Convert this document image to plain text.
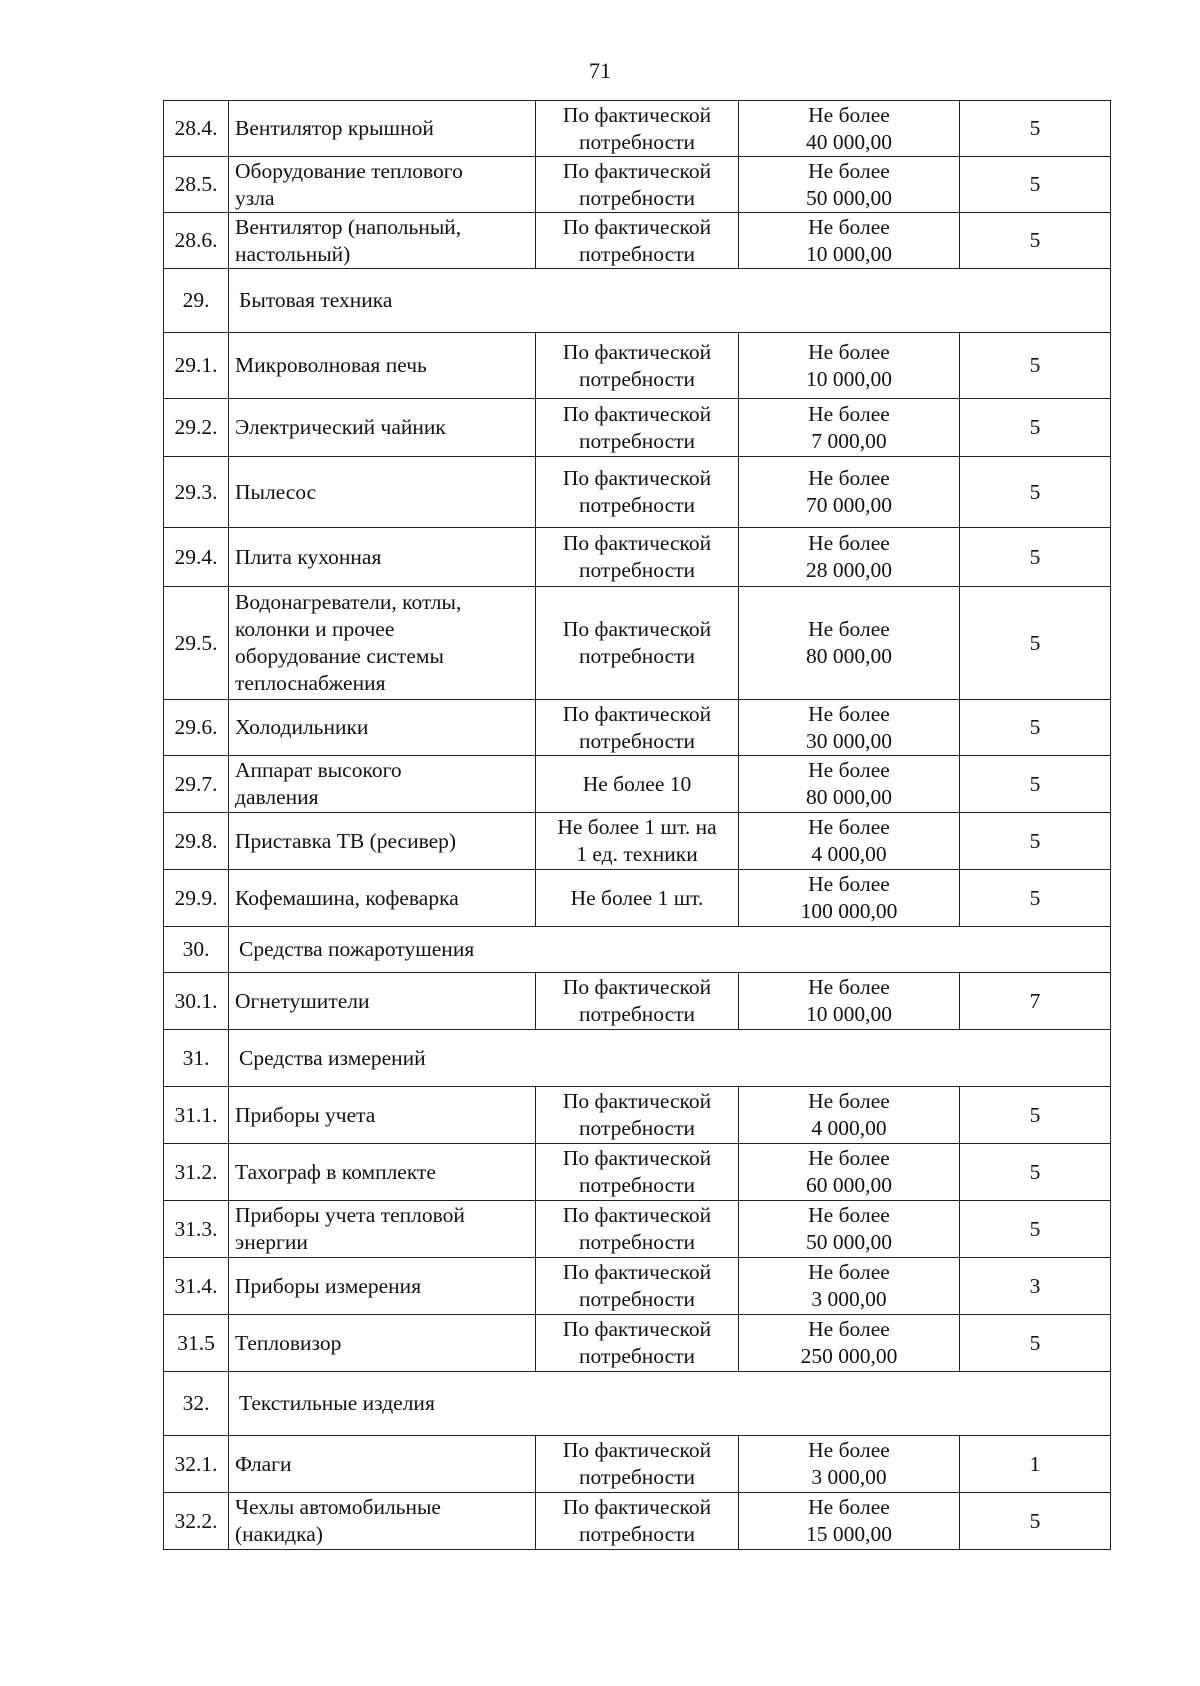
71
28.4.	Вентилятор крышной	По фактической
потребности	Не более
40 000,00	5
28.5.	Оборудование теплового
узла	По фактической
потребности	Не более
50 000,00	5
28.6.	Вентилятор (напольный,
настольный)	По фактической
потребности	Не более
10 000,00	5
29.	Бытовая техника			

29.1.	Микроволновая печь	По фактической
потребности	Не более
10 000,00	5
29.2.	Электрический чайник	По фактической
потребности	Не более
7 000,00	5
29.3.	Пылесос	По фактической
потребности	Не более
70 000,00	5
29.4.	Плита кухонная	По фактической
потребности	Не более
28 000,00	5
29.5.	Водонагреватели, котлы,
колонки и прочее
оборудование системы
теплоснабжения	По фактической
потребности	Не более
80 000,00	5
29.6.	Холодильники	По фактической
потребности	Не более
30 000,00	5
29.7.	Аппарат высокого
давления	Не более 10	Не более
80 000,00	5
29.8.	Приставка ТВ (ресивер)	Не более 1 шт. на
1 ед. техники	Не более
4 000,00	5
29.9.	Кофемашина, кофеварка	Не более 1 шт.	Не более
100 000,00	5
30.	Средства пожаротушения			

30.1.	Огнетушители	По фактической
потребности	Не более
10 000,00	7
31.	Средства измерений			

31.1.	Приборы учета	По фактической
потребности	Не более
4 000,00	5
31.2.	Тахограф в комплекте	По фактической
потребности	Не более
60 000,00	5
31.3.	Приборы учета тепловой
энергии	По фактической
потребности	Не более
50 000,00	5
31.4.	Приборы измерения	По фактической
потребности	Не более
3 000,00	3
31.5	Тепловизор	По фактической
потребности	Не более
250 000,00	5
32.	Текстильные изделия			

32.1.	Флаги	По фактической
потребности	Не более
3 000,00	1
32.2.	Чехлы автомобильные
(накидка)	По фактической
потребности	Не более
15 000,00	5
